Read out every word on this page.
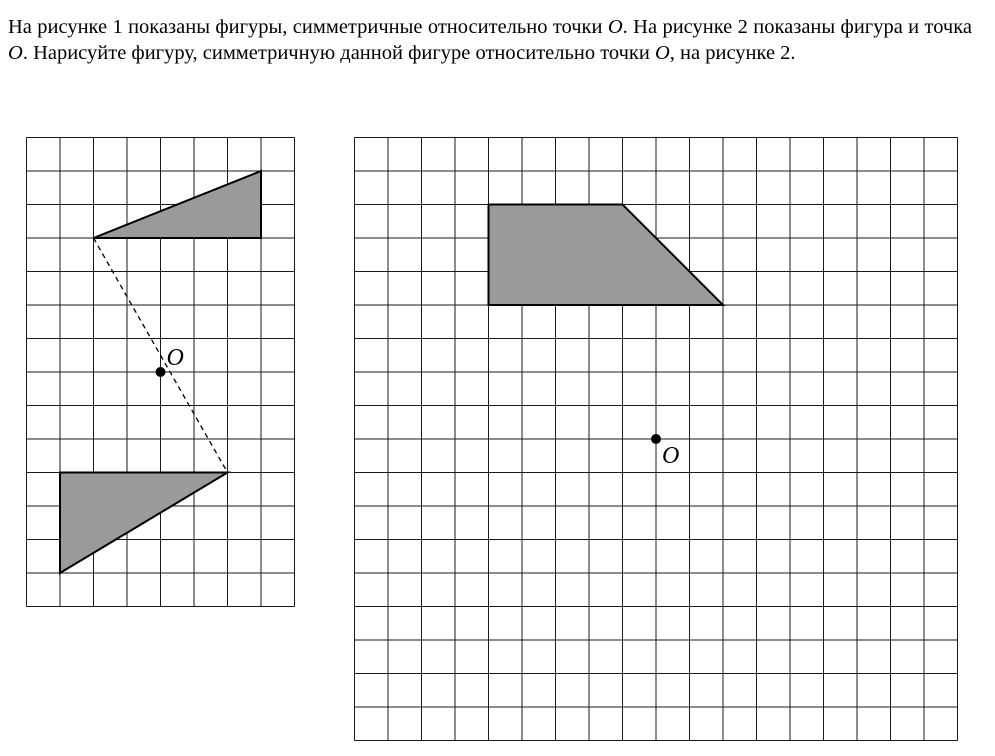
На рисунке 1 показаны фигуры, симметричные относительно точки O. На рисунке 2 показаны фигура и точка O. Нарисуйте фигуру, симметричную данной фигуре относительно точки O, на рисунке 2.

O
O
